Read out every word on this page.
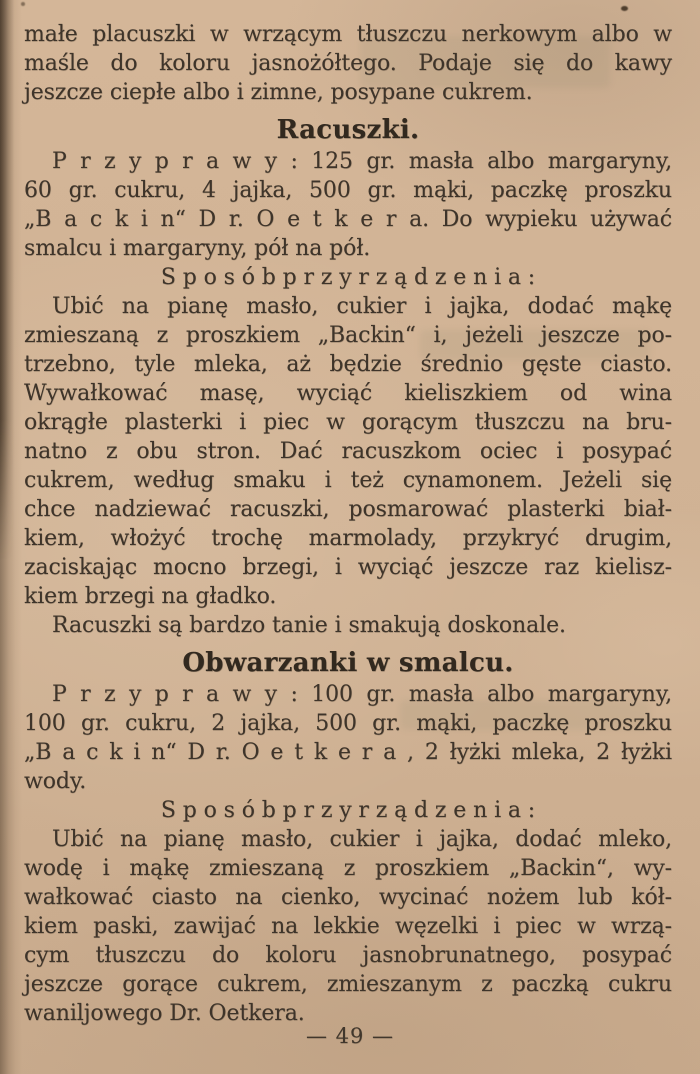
małe placuszki w wrzącym tłuszczu nerkowym albo w
maśle do koloru jasnożółtego. Podaje się do kawy
jeszcze ciepłe albo i zimne, posypane cukrem.
Racuszki.
P r z y p r a w y : 125 gr. masła albo margaryny,
60 gr. cukru, 4 jajka, 500 gr. mąki, paczkę proszku
„B a c k i n“ D r. O e t k e r a. Do wypieku używać
smalcu i margaryny, pół na pół.
S p o s ó b p r z y r z ą d z e n i a :
Ubić na pianę masło, cukier i jajka, dodać mąkę
zmieszaną z proszkiem „Backin“ i, jeżeli jeszcze po-
trzebno, tyle mleka, aż będzie średnio gęste ciasto.
Wywałkować masę, wyciąć kieliszkiem od wina
okrągłe plasterki i piec w gorącym tłuszczu na bru-
natno z obu stron. Dać racuszkom ociec i posypać
cukrem, według smaku i też cynamonem. Jeżeli się
chce nadziewać racuszki, posmarować plasterki biał-
kiem, włożyć trochę marmolady, przykryć drugim,
zaciskając mocno brzegi, i wyciąć jeszcze raz kielisz-
kiem brzegi na gładko.
Racuszki są bardzo tanie i smakują doskonale.
Obwarzanki w smalcu.
P r z y p r a w y : 100 gr. masła albo margaryny,
100 gr. cukru, 2 jajka, 500 gr. mąki, paczkę proszku
„B a c k i n“ D r. O e t k e r a , 2 łyżki mleka, 2 łyżki
wody.
S p o s ó b p r z y r z ą d z e n i a :
Ubić na pianę masło, cukier i jajka, dodać mleko,
wodę i mąkę zmieszaną z proszkiem „Backin“, wy-
wałkować ciasto na cienko, wycinać nożem lub kół-
kiem paski, zawijać na lekkie węzelki i piec w wrzą-
cym tłuszczu do koloru jasnobrunatnego, posypać
jeszcze gorące cukrem, zmieszanym z paczką cukru
waniljowego Dr. Oetkera.
— 49 —
